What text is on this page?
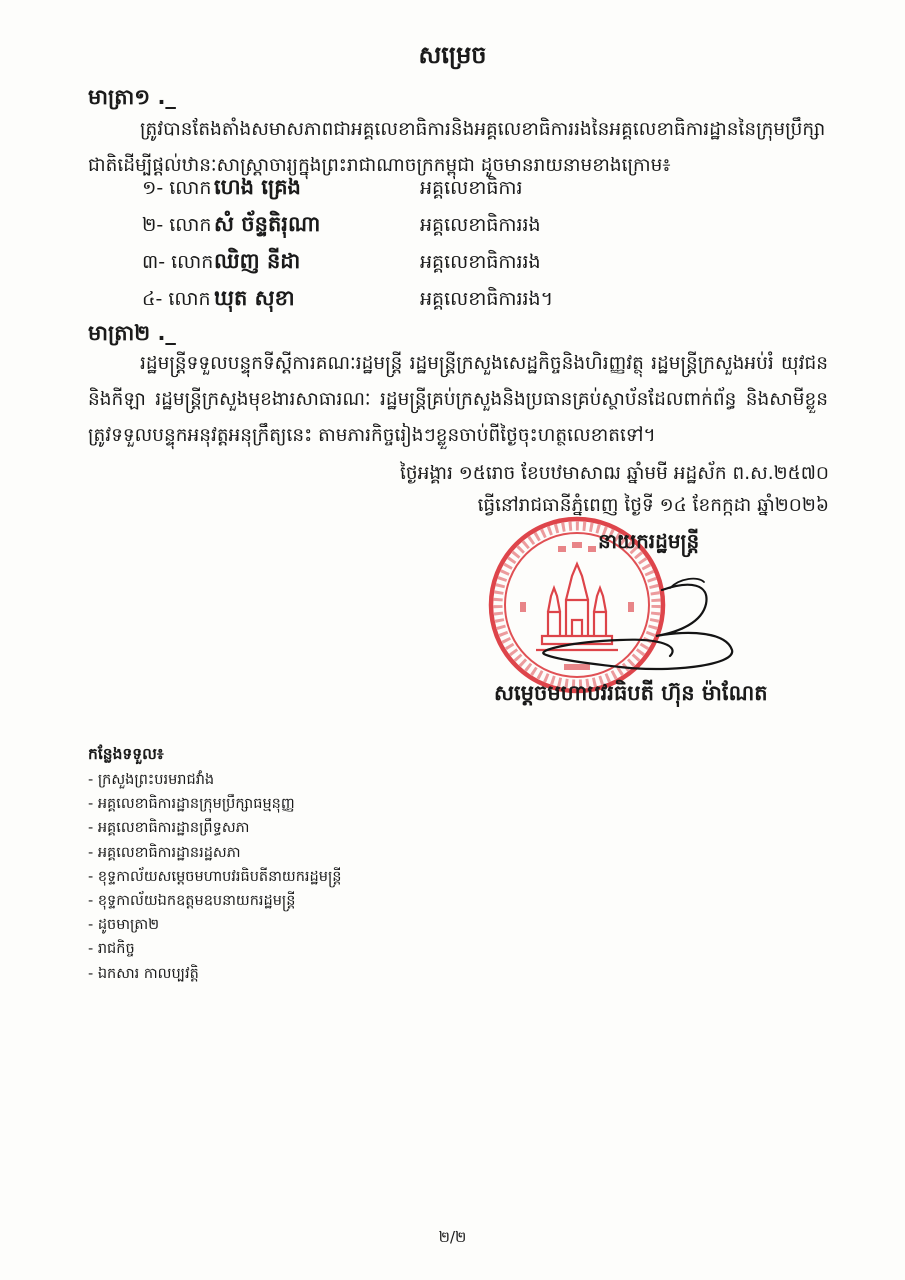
សម្រេច
មាត្រា១ ._

ត្រូវបានតែងតាំងសមាសភាពជាអគ្គលេខាធិការនិងអគ្គលេខាធិការរងនៃអគ្គលេខាធិការដ្ឋាននៃក្រុមប្រឹក្សាជាតិដើម្បីផ្តល់ឋានៈសាស្ត្រាចារ្យក្នុងព្រះរាជាណាចក្រកម្ពុជា ដូចមានរាយនាមខាងក្រោម៖

១- លោក ហេង គ្រេង	អគ្គលេខាធិការ
២- លោក សំ ច័ន្ទតិរុណា	អគ្គលេខាធិការរង
៣- លោក ឈិញ នីដា	អគ្គលេខាធិការរង
៤- លោក ឃុត សុខា	អគ្គលេខាធិការរង។
មាត្រា២ ._

រដ្ឋមន្ត្រីទទួលបន្ទុកទីស្តីការគណៈរដ្ឋមន្ត្រី រដ្ឋមន្ត្រីក្រសួងសេដ្ឋកិច្ចនិងហិរញ្ញវត្ថុ រដ្ឋមន្ត្រីក្រសួងអប់រំ យុវជន និងកីឡា រដ្ឋមន្ត្រីក្រសួងមុខងារសាធារណៈ រដ្ឋមន្ត្រីគ្រប់ក្រសួងនិងប្រធានគ្រប់ស្ថាប័នដែលពាក់ព័ន្ធ និងសាមីខ្លួន ត្រូវទទួលបន្ទុកអនុវត្តអនុក្រឹត្យនេះ តាមភារកិច្ចរៀងៗខ្លួនចាប់ពីថ្ងៃចុះហត្ថលេខាតទៅ។

ថ្ងៃអង្គារ ១៥រោច ខែបឋមាសាឍ ឆ្នាំមមី អដ្ឋស័ក ព.ស.២៥៧០
ធ្វើនៅរាជធានីភ្នំពេញ ថ្ងៃទី ១៤ ខែកក្កដា ឆ្នាំ២០២៦
នាយករដ្ឋមន្ត្រី
សម្តេចមហាបវរធិបតី ហ៊ុន ម៉ាណែត
កន្លែងទទួល៖
- ក្រសួងព្រះបរមរាជវាំង
- អគ្គលេខាធិការដ្ឋានក្រុមប្រឹក្សាធម្មនុញ្ញ
- អគ្គលេខាធិការដ្ឋានព្រឹទ្ធសភា
- អគ្គលេខាធិការដ្ឋានរដ្ឋសភា
- ខុទ្ទកាល័យសម្តេចមហាបវរធិបតីនាយករដ្ឋមន្ត្រី
- ខុទ្ទកាល័យឯកឧត្តមឧបនាយករដ្ឋមន្ត្រី
- ដូចមាត្រា២
- រាជកិច្ច
- ឯកសារ កាលប្បវត្តិ
២/២
